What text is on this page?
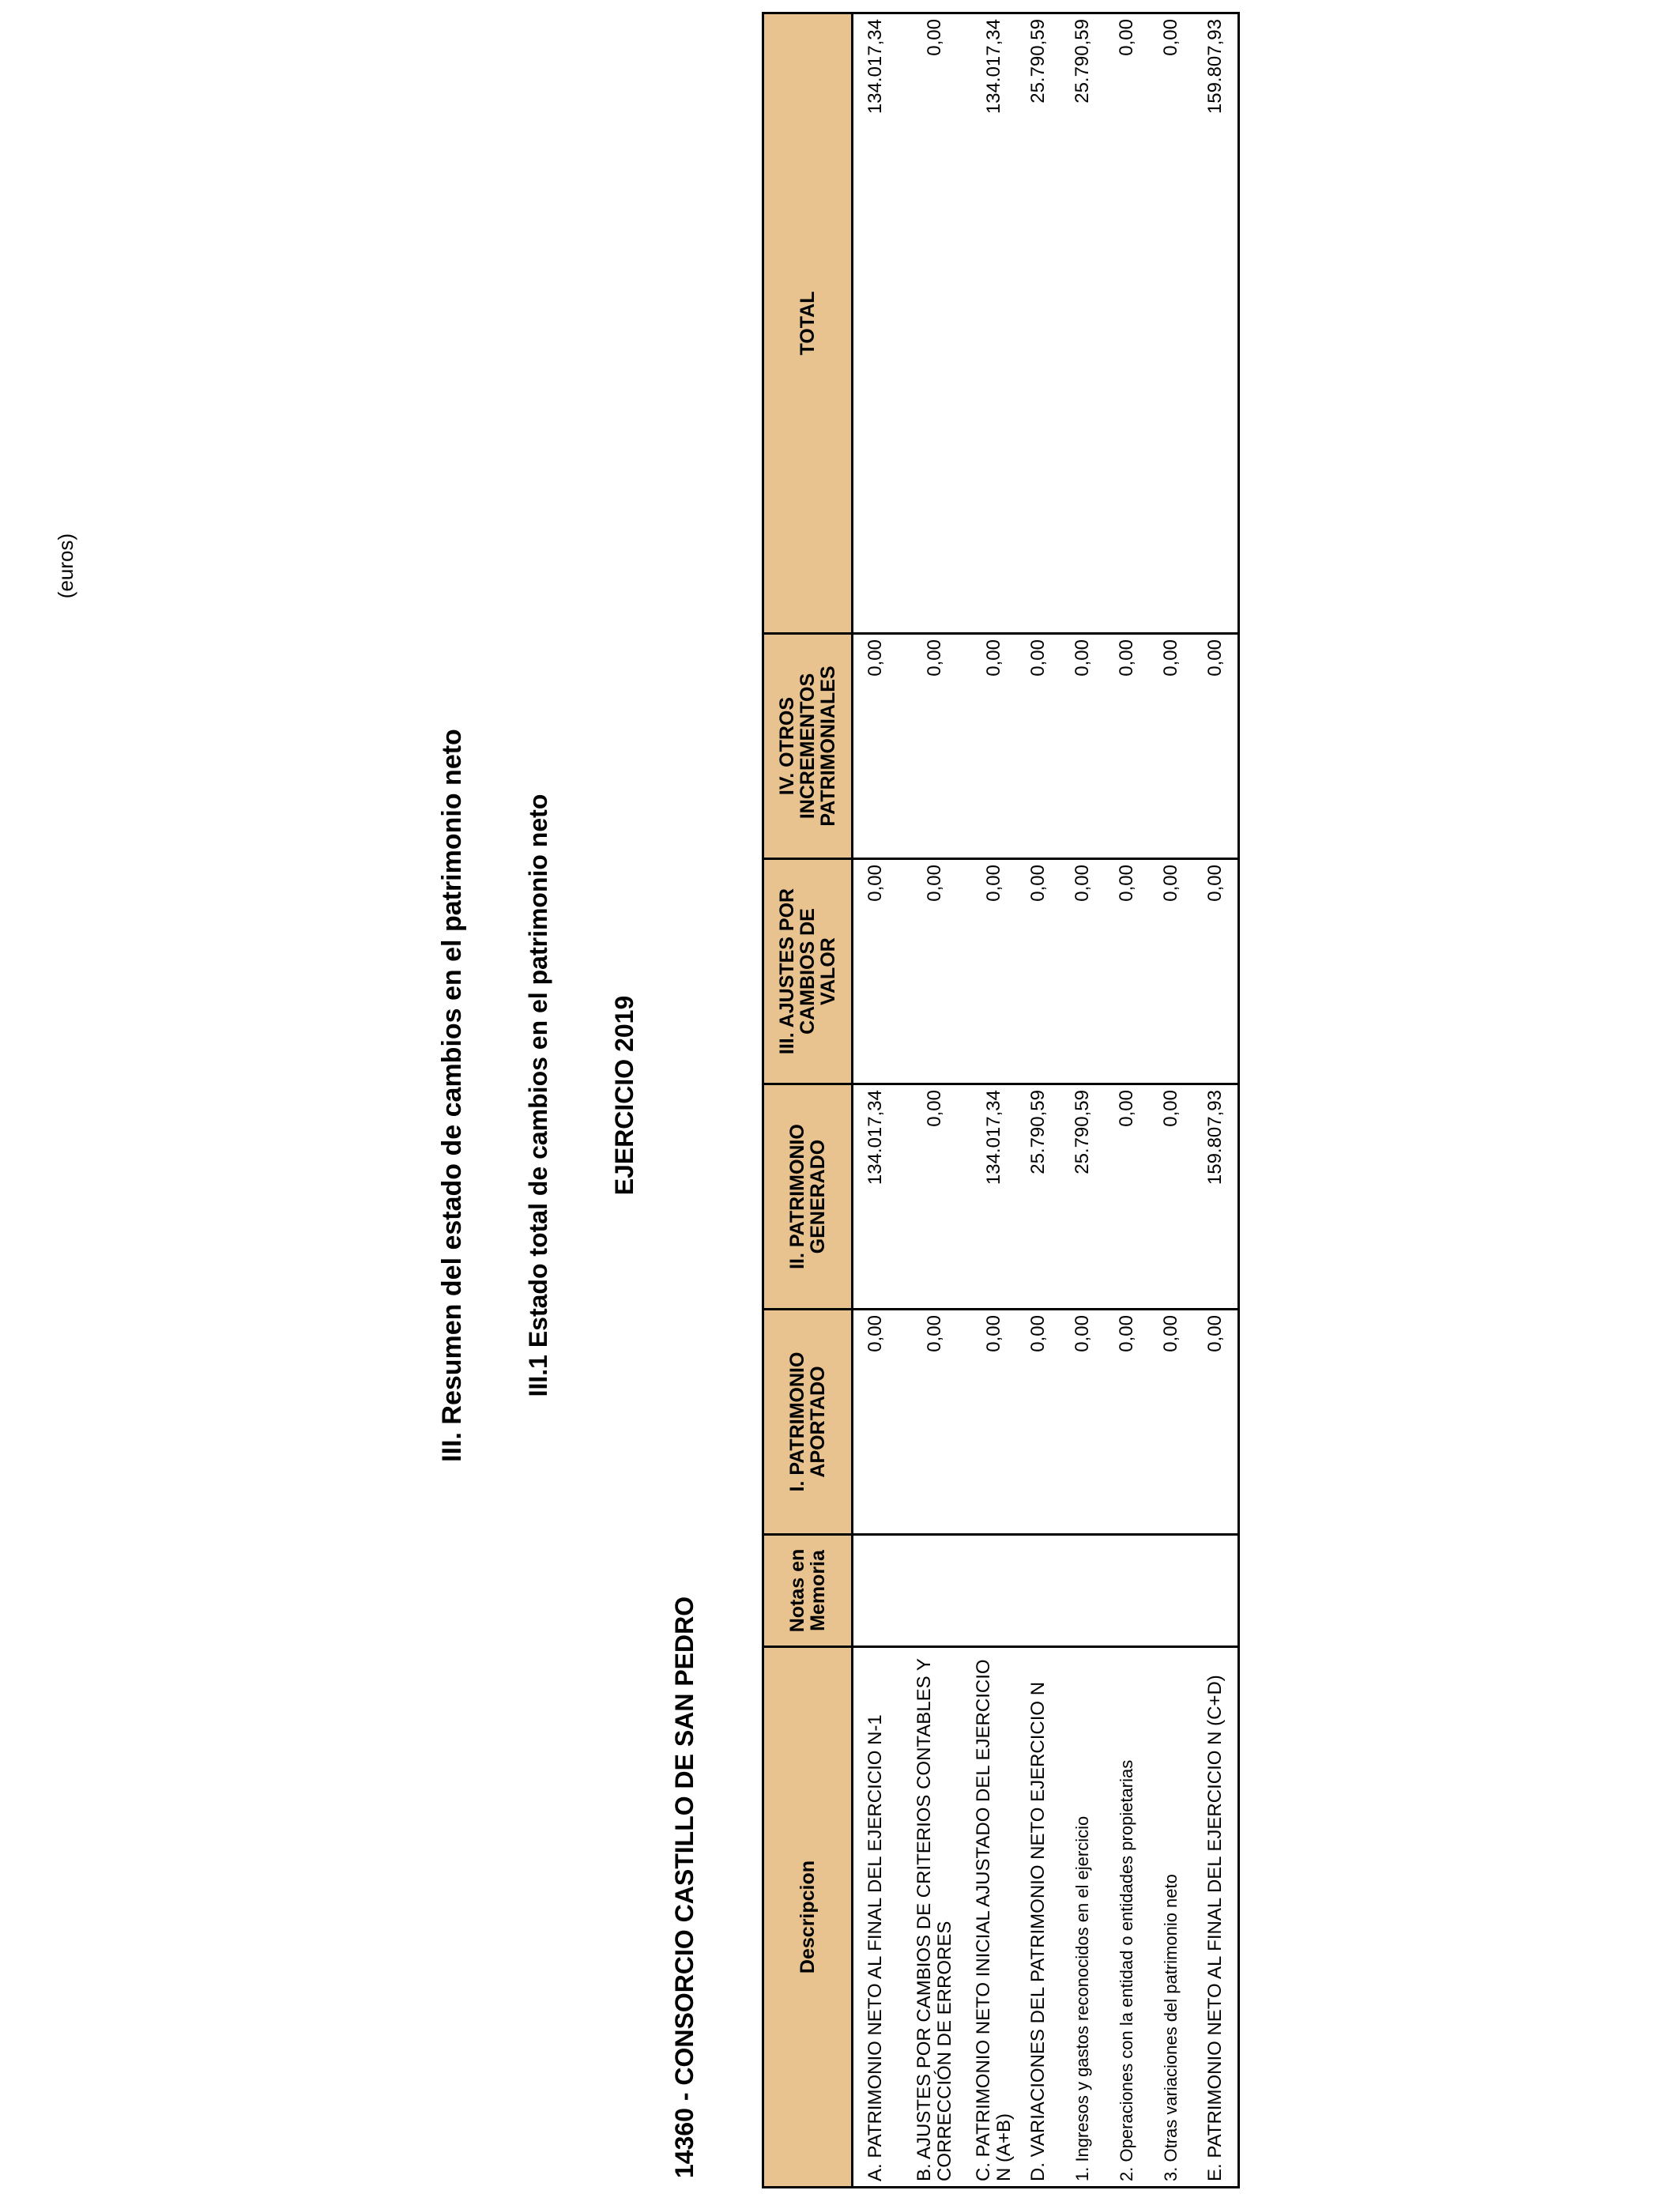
III. Resumen del estado de cambios en el patrimonio neto III.1 Estado total de cambios en el patrimonio neto EJERCICIO 2019
14360 - CONSORCIO CASTILLO DE SAN PEDRO
(euros)
Descripcion	Notas en Memoria	I. PATRIMONIO APORTADO	II. PATRIMONIO GENERADO	III. AJUSTES POR CAMBIOS DE VALOR	IV. OTROS INCREMENTOS PATRIMONIALES	TOTAL
A. PATRIMONIO NETO AL FINAL DEL EJERCICIO N-1		0,00	134.017,34	0,00	0,00	134.017,34
B. AJUSTES POR CAMBIOS DE CRITERIOS CONTABLES Y CORRECCIÓN DE ERRORES		0,00	0,00	0,00	0,00	0,00
C. PATRIMONIO NETO INICIAL AJUSTADO DEL EJERCICIO N (A+B)		0,00	134.017,34	0,00	0,00	134.017,34
D. VARIACIONES DEL PATRIMONIO NETO EJERCICIO N		0,00	25.790,59	0,00	0,00	25.790,59
1. Ingresos y gastos reconocidos en el ejercicio		0,00	25.790,59	0,00	0,00	25.790,59
2. Operaciones con la entidad o entidades propietarias		0,00	0,00	0,00	0,00	0,00
3. Otras variaciones del patrimonio neto		0,00	0,00	0,00	0,00	0,00
E. PATRIMONIO NETO AL FINAL DEL EJERCICIO N (C+D)		0,00	159.807,93	0,00	0,00	159.807,93
